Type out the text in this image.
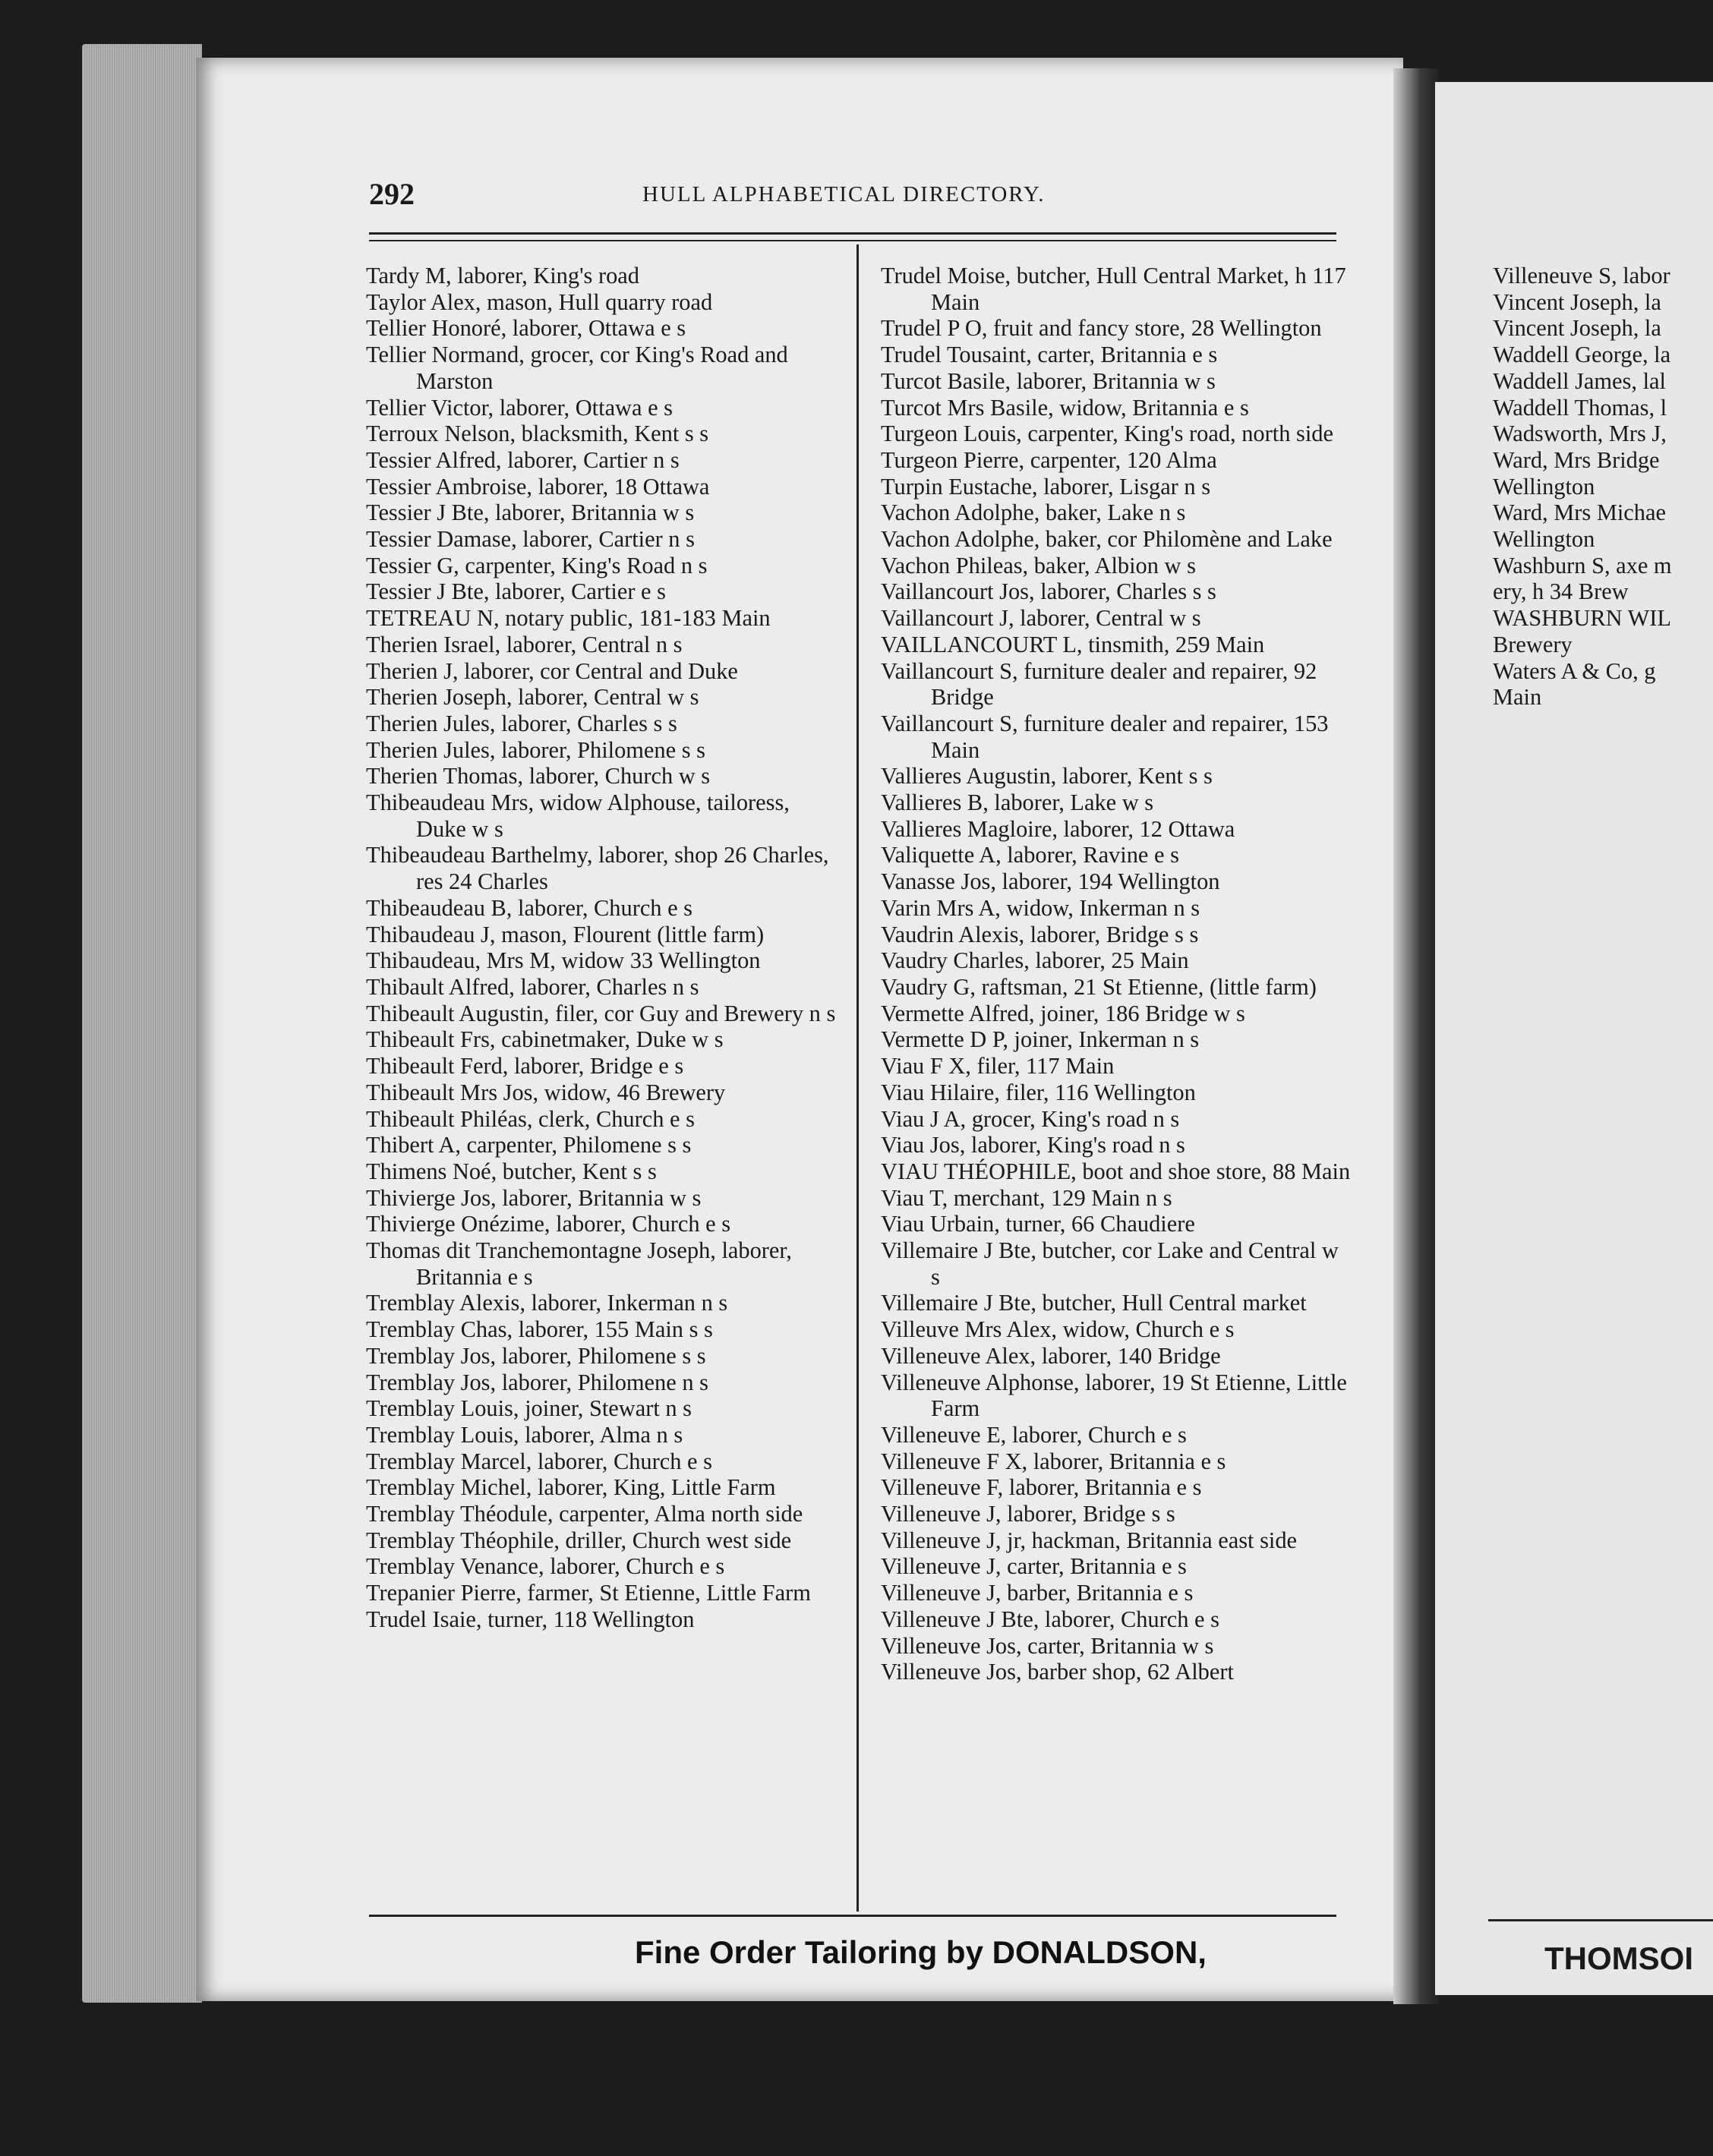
Villeneuve S, labor
Vincent Joseph, la
Vincent Joseph, la
Waddell George, la
Waddell James, lal
Waddell Thomas, l
Wadsworth, Mrs J,
Ward, Mrs Bridge
Wellington
Ward, Mrs Michae
Wellington
Washburn S, axe m
ery, h 34 Brew
WASHBURN WIL
Brewery
Waters A & Co, g
Main
THOMSOI
292	HULL ALPHABETICAL DIRECTORY.

Tardy M, laborer, King's road

Taylor Alex, mason, Hull quarry road

Tellier Honoré, laborer, Ottawa e s

Tellier Normand, grocer, cor King's Road and Marston

Tellier Victor, laborer, Ottawa e s

Terroux Nelson, blacksmith, Kent s s

Tessier Alfred, laborer, Cartier n s

Tessier Ambroise, laborer, 18 Ottawa

Tessier J Bte, laborer, Britannia w s

Tessier Damase, laborer, Cartier n s

Tessier G, carpenter, King's Road n s

Tessier J Bte, laborer, Cartier e s

TETREAU N, notary public, 181-183 Main

Therien Israel, laborer, Central n s

Therien J, laborer, cor Central and Duke

Therien Joseph, laborer, Central w s

Therien Jules, laborer, Charles s s

Therien Jules, laborer, Philomene s s

Therien Thomas, laborer, Church w s

Thibeaudeau Mrs, widow Alphouse, tailoress, Duke w s

Thibeaudeau Barthelmy, laborer, shop 26 Charles, res 24 Charles

Thibeaudeau B, laborer, Church e s

Thibaudeau J, mason, Flourent (little farm)

Thibaudeau, Mrs M, widow 33 Wellington

Thibault Alfred, laborer, Charles n s

Thibeault Augustin, filer, cor Guy and Brewery n s

Thibeault Frs, cabinetmaker, Duke w s

Thibeault Ferd, laborer, Bridge e s

Thibeault Mrs Jos, widow, 46 Brewery

Thibeault Philéas, clerk, Church e s

Thibert A, carpenter, Philomene s s

Thimens Noé, butcher, Kent s s

Thivierge Jos, laborer, Britannia w s

Thivierge Onézime, laborer, Church e s

Thomas dit Tranchemontagne Joseph, laborer, Britannia e s

Tremblay Alexis, laborer, Inkerman n s

Tremblay Chas, laborer, 155 Main s s

Tremblay Jos, laborer, Philomene s s

Tremblay Jos, laborer, Philomene n s

Tremblay Louis, joiner, Stewart n s

Tremblay Louis, laborer, Alma n s

Tremblay Marcel, laborer, Church e s

Tremblay Michel, laborer, King, Little Farm

Tremblay Théodule, carpenter, Alma north side

Tremblay Théophile, driller, Church west side

Tremblay Venance, laborer, Church e s

Trepanier Pierre, farmer, St Etienne, Little Farm

Trudel Isaie, turner, 118 Wellington

Trudel Moise, butcher, Hull Central Market, h 117 Main

Trudel P O, fruit and fancy store, 28 Wellington

Trudel Tousaint, carter, Britannia e s

Turcot Basile, laborer, Britannia w s

Turcot Mrs Basile, widow, Britannia e s

Turgeon Louis, carpenter, King's road, north side

Turgeon Pierre, carpenter, 120 Alma

Turpin Eustache, laborer, Lisgar n s

Vachon Adolphe, baker, Lake n s

Vachon Adolphe, baker, cor Philomène and Lake

Vachon Phileas, baker, Albion w s

Vaillancourt Jos, laborer, Charles s s

Vaillancourt J, laborer, Central w s

VAILLANCOURT L, tinsmith, 259 Main

Vaillancourt S, furniture dealer and repairer, 92 Bridge

Vaillancourt S, furniture dealer and repairer, 153 Main

Vallieres Augustin, laborer, Kent s s

Vallieres B, laborer, Lake w s

Vallieres Magloire, laborer, 12 Ottawa

Valiquette A, laborer, Ravine e s

Vanasse Jos, laborer, 194 Wellington

Varin Mrs A, widow, Inkerman n s

Vaudrin Alexis, laborer, Bridge s s

Vaudry Charles, laborer, 25 Main

Vaudry G, raftsman, 21 St Etienne, (little farm)

Vermette Alfred, joiner, 186 Bridge w s

Vermette D P, joiner, Inkerman n s

Viau F X, filer, 117 Main

Viau Hilaire, filer, 116 Wellington

Viau J A, grocer, King's road n s

Viau Jos, laborer, King's road n s

VIAU THÉOPHILE, boot and shoe store, 88 Main

Viau T, merchant, 129 Main n s

Viau Urbain, turner, 66 Chaudiere

Villemaire J Bte, butcher, cor Lake and Central w s

Villemaire J Bte, butcher, Hull Central market

Villeuve Mrs Alex, widow, Church e s

Villeneuve Alex, laborer, 140 Bridge

Villeneuve Alphonse, laborer, 19 St Etienne, Little Farm

Villeneuve E, laborer, Church e s

Villeneuve F X, laborer, Britannia e s

Villeneuve F, laborer, Britannia e s

Villeneuve J, laborer, Bridge s s

Villeneuve J, jr, hackman, Britannia east side

Villeneuve J, carter, Britannia e s

Villeneuve J, barber, Britannia e s

Villeneuve J Bte, laborer, Church e s

Villeneuve Jos, carter, Britannia w s

Villeneuve Jos, barber shop, 62 Albert

Fine Order Tailoring by DONALDSON,
